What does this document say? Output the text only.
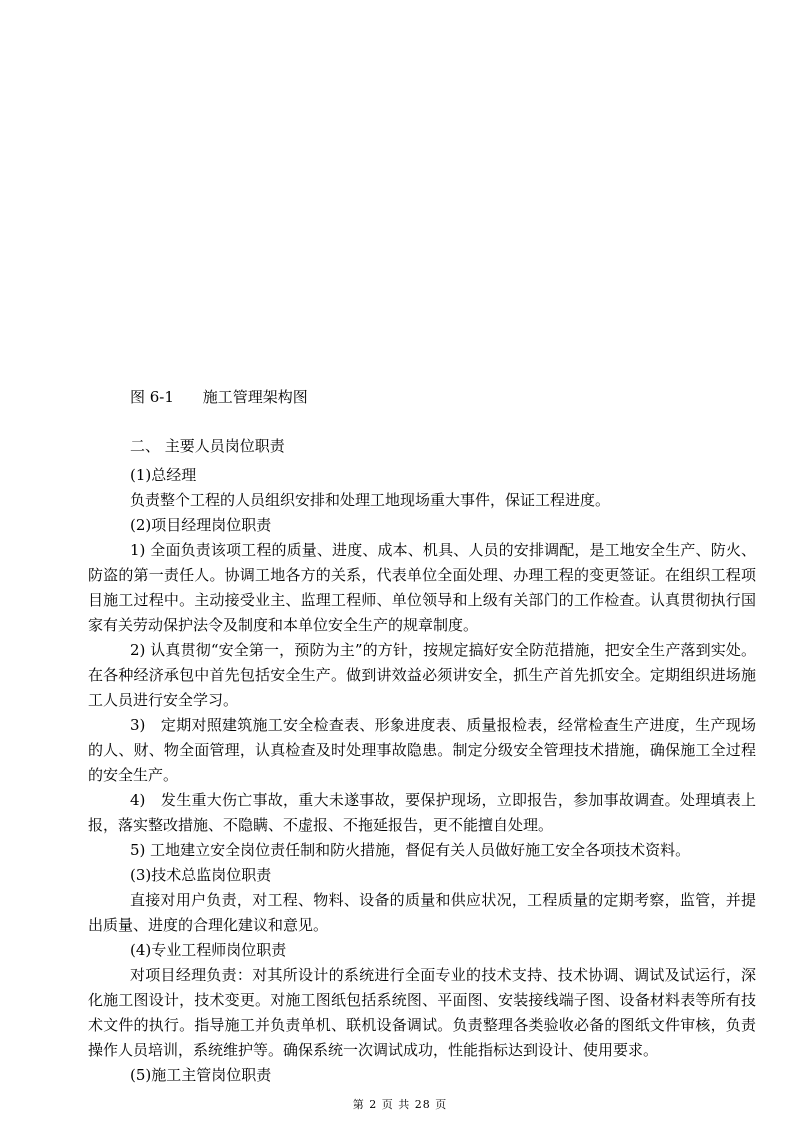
图 6-1 施工管理架构图

二、 主要人员岗位职责

(1)总经理

负责整个工程的人员组织安排和处理工地现场重大事件，保证工程进度。

(2)项目经理岗位职责

1) 全面负责该项工程的质量、进度、成本、机具、人员的安排调配，是工地安全生产、防火、防盗的第一责任人。协调工地各方的关系，代表单位全面处理、办理工程的变更签证。在组织工程项目施工过程中。主动接受业主、监理工程师、单位领导和上级有关部门的工作检查。认真贯彻执行国家有关劳动保护法令及制度和本单位安全生产的规章制度。

2) 认真贯彻“安全第一，预防为主”的方针，按规定搞好安全防范措施，把安全生产落到实处。在各种经济承包中首先包括安全生产。做到讲效益必须讲安全，抓生产首先抓安全。定期组织进场施工人员进行安全学习。

3)　定期对照建筑施工安全检查表、形象进度表、质量报检表，经常检查生产进度，生产现场的人、财、物全面管理，认真检查及时处理事故隐患。制定分级安全管理技术措施，确保施工全过程的安全生产。

4)　发生重大伤亡事故，重大未遂事故，要保护现场，立即报告，参加事故调查。处理填表上报，落实整改措施、不隐瞒、不虚报、不拖延报告，更不能擅自处理。

5) 工地建立安全岗位责任制和防火措施，督促有关人员做好施工安全各项技术资料。

(3)技术总监岗位职责

直接对用户负责，对工程、物料、设备的质量和供应状况，工程质量的定期考察，监管，并提出质量、进度的合理化建议和意见。

(4)专业工程师岗位职责

对项目经理负责：对其所设计的系统进行全面专业的技术支持、技术协调、调试及试运行，深化施工图设计，技术变更。对施工图纸包括系统图、平面图、安装接线端子图、设备材料表等所有技术文件的执行。指导施工并负责单机、联机设备调试。负责整理各类验收必备的图纸文件审核，负责操作人员培训，系统维护等。确保系统一次调试成功，性能指标达到设计、使用要求。

(5)施工主管岗位职责

第 2 页 共 28 页
